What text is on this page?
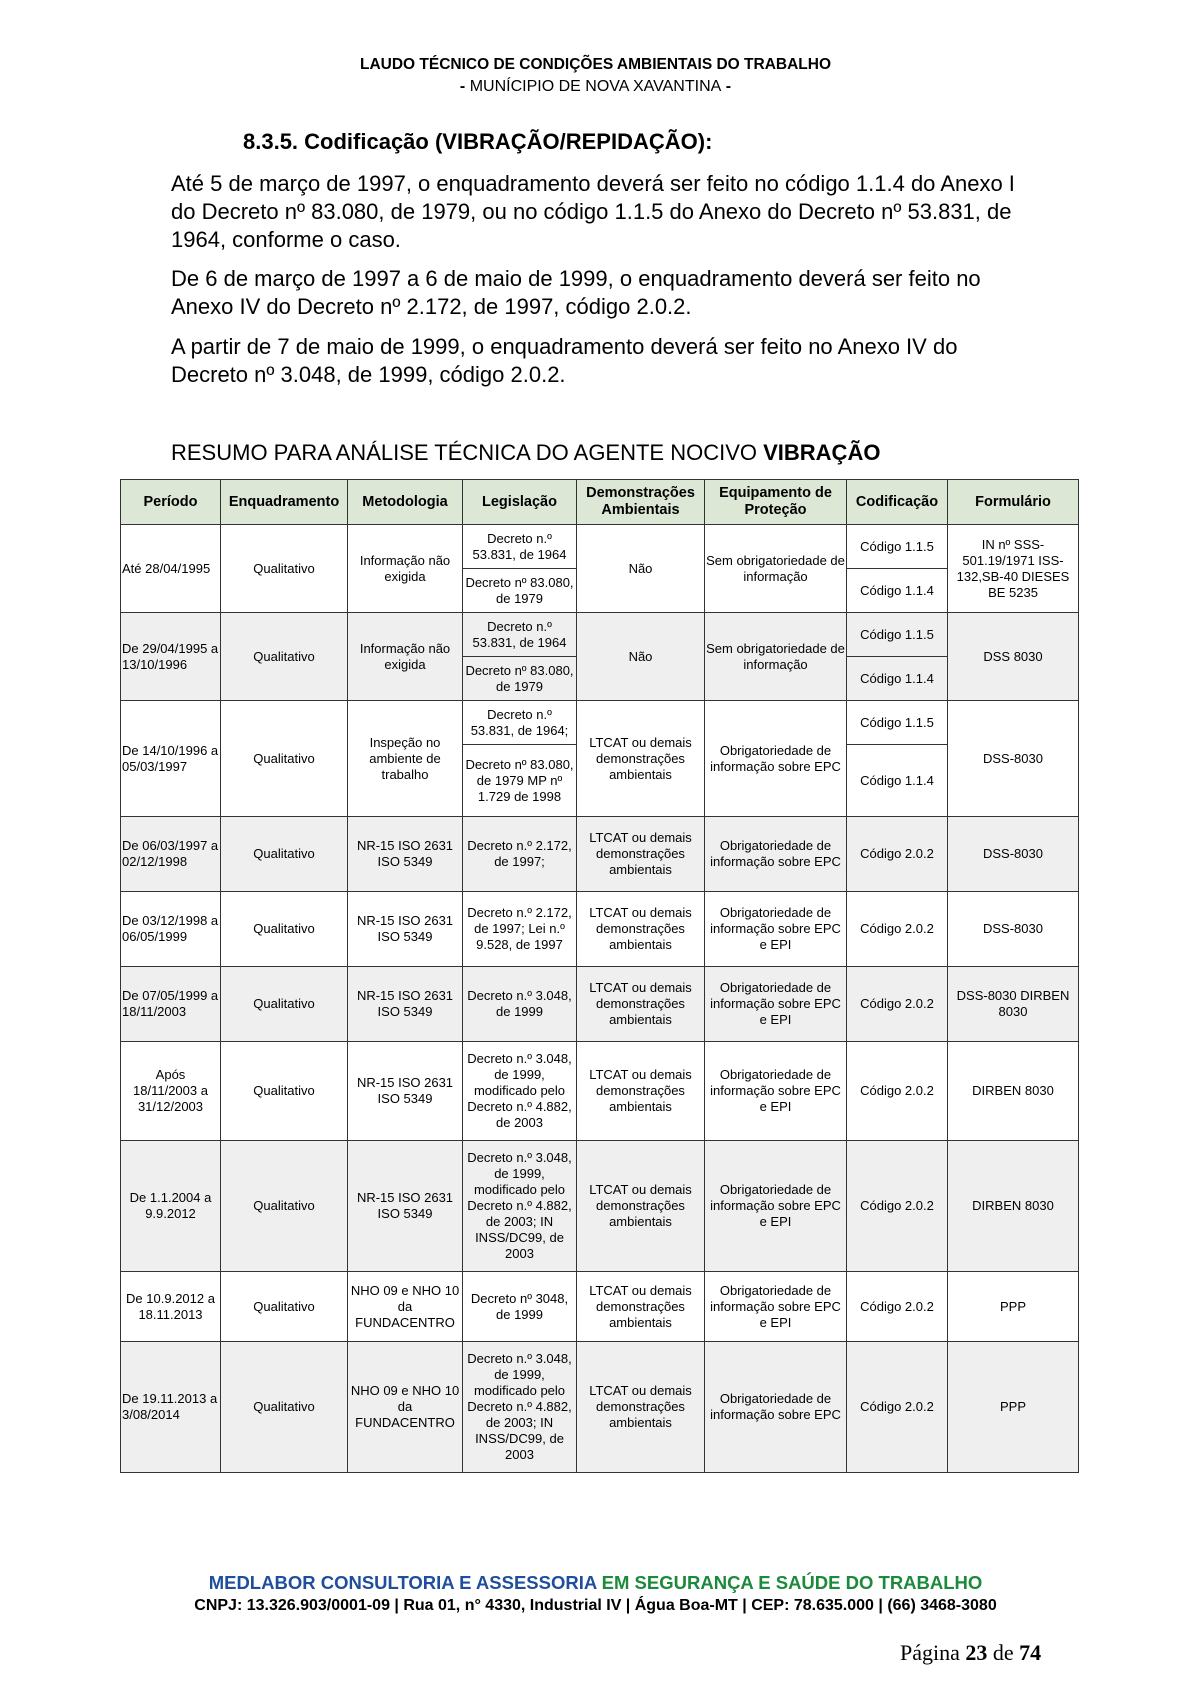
LAUDO TÉCNICO DE CONDIÇÕES AMBIENTAIS DO TRABALHO
- MUNÍCIPIO DE NOVA XAVANTINA -
8.3.5. Codificação (VIBRAÇÃO/REPIDAÇÃO):

Até 5 de março de 1997, o enquadramento deverá ser feito no código 1.1.4 do Anexo I do Decreto nº 83.080, de 1979, ou no código 1.1.5 do Anexo do Decreto nº 53.831, de 1964, conforme o caso.

De 6 de março de 1997 a 6 de maio de 1999, o enquadramento deverá ser feito no Anexo IV do Decreto nº 2.172, de 1997, código 2.0.2.

A partir de 7 de maio de 1999, o enquadramento deverá ser feito no Anexo IV do Decreto nº 3.048, de 1999, código 2.0.2.

RESUMO PARA ANÁLISE TÉCNICA DO AGENTE NOCIVO VIBRAÇÃO
Período	Enquadramento	Metodologia	Legislação	Demonstrações Ambientais	Equipamento de Proteção	Codificação	Formulário
Até 28/04/1995	Qualitativo	Informação não exigida	Decreto n.º 53.831, de 1964	Não	Sem obrigatoriedade de informação	Código 1.1.5	IN nº SSS-501.19/1971 ISS-132,SB-40 DIESES BE 5235
			Decreto nº 83.080, de 1979			Código 1.1.4	
De 29/04/1995 a 13/10/1996	Qualitativo	Informação não exigida	Decreto n.º 53.831, de 1964	Não	Sem obrigatoriedade de informação	Código 1.1.5	DSS 8030
			Decreto nº 83.080, de 1979			Código 1.1.4	
De 14/10/1996 a 05/03/1997	Qualitativo	Inspeção no ambiente de trabalho	Decreto n.º 53.831, de 1964;	LTCAT ou demais demonstrações ambientais	Obrigatoriedade de informação sobre EPC	Código 1.1.5	DSS-8030
			Decreto nº 83.080, de 1979 MP nº 1.729 de 1998			Código 1.1.4	
De 06/03/1997 a 02/12/1998	Qualitativo	NR-15 ISO 2631 ISO 5349	Decreto n.º 2.172, de 1997;	LTCAT ou demais demonstrações ambientais	Obrigatoriedade de informação sobre EPC	Código 2.0.2	DSS-8030
De 03/12/1998 a 06/05/1999	Qualitativo	NR-15 ISO 2631 ISO 5349	Decreto n.º 2.172, de 1997; Lei n.º 9.528, de 1997	LTCAT ou demais demonstrações ambientais	Obrigatoriedade de informação sobre EPC e EPI	Código 2.0.2	DSS-8030
De 07/05/1999 a 18/11/2003	Qualitativo	NR-15 ISO 2631 ISO 5349	Decreto n.º 3.048, de 1999	LTCAT ou demais demonstrações ambientais	Obrigatoriedade de informação sobre EPC e EPI	Código 2.0.2	DSS-8030 DIRBEN 8030
Após 18/11/2003 a 31/12/2003	Qualitativo	NR-15 ISO 2631 ISO 5349	Decreto n.º 3.048, de 1999, modificado pelo Decreto n.º 4.882, de 2003	LTCAT ou demais demonstrações ambientais	Obrigatoriedade de informação sobre EPC e EPI	Código 2.0.2	DIRBEN 8030
De 1.1.2004 a 9.9.2012	Qualitativo	NR-15 ISO 2631 ISO 5349	Decreto n.º 3.048, de 1999, modificado pelo Decreto n.º 4.882, de 2003; IN INSS/DC99, de 2003	LTCAT ou demais demonstrações ambientais	Obrigatoriedade de informação sobre EPC e EPI	Código 2.0.2	DIRBEN 8030
De 10.9.2012 a 18.11.2013	Qualitativo	NHO 09 e NHO 10 da FUNDACENTRO	Decreto nº 3048, de 1999	LTCAT ou demais demonstrações ambientais	Obrigatoriedade de informação sobre EPC e EPI	Código 2.0.2	PPP
De 19.11.2013 a 3/08/2014	Qualitativo	NHO 09 e NHO 10 da FUNDACENTRO	Decreto n.º 3.048, de 1999, modificado pelo Decreto n.º 4.882, de 2003; IN INSS/DC99, de 2003	LTCAT ou demais demonstrações ambientais	Obrigatoriedade de informação sobre EPC	Código 2.0.2	PPP
MEDLABOR CONSULTORIA E ASSESSORIA EM SEGURANÇA E SAÚDE DO TRABALHO
CNPJ: 13.326.903/0001-09 | Rua 01, n° 4330, Industrial IV | Água Boa-MT | CEP: 78.635.000 | (66) 3468-3080
Página 23 de 74
